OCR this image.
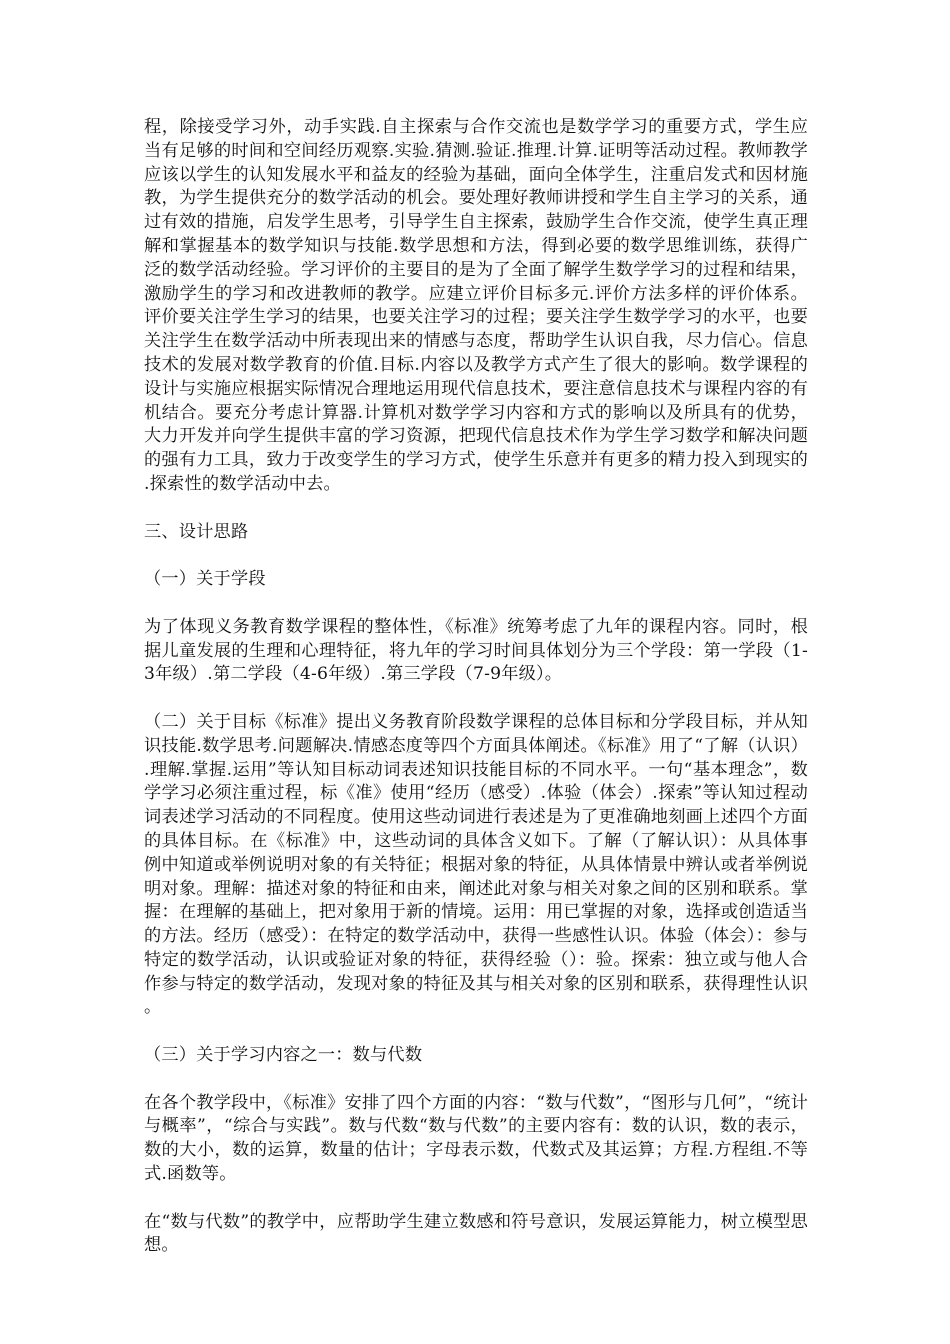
程，除接受学习外，动手实践.自主探索与合作交流也是数学学习的重要方式，学生应当有足够的时间和空间经历观察.实验.猜测.验证.推理.计算.证明等活动过程。教师教学应该以学生的认知发展水平和益友的经验为基础，面向全体学生，注重启发式和因材施教，为学生提供充分的数学活动的机会。要处理好教师讲授和学生自主学习的关系，通过有效的措施，启发学生思考，引导学生自主探索，鼓励学生合作交流，使学生真正理解和掌握基本的数学知识与技能.数学思想和方法，得到必要的数学思维训练，获得广泛的数学活动经验。学习评价的主要目的是为了全面了解学生数学学习的过程和结果，激励学生的学习和改进教师的教学。应建立评价目标多元.评价方法多样的评价体系。评价要关注学生学习的结果，也要关注学习的过程；要关注学生数学学习的水平，也要关注学生在数学活动中所表现出来的情感与态度，帮助学生认识自我，尽力信心。信息技术的发展对数学教育的价值.目标.内容以及教学方式产生了很大的影响。数学课程的设计与实施应根据实际情况合理地运用现代信息技术，要注意信息技术与课程内容的有机结合。要充分考虑计算器.计算机对数学学习内容和方式的影响以及所具有的优势，大力开发并向学生提供丰富的学习资源，把现代信息技术作为学生学习数学和解决问题的强有力工具，致力于改变学生的学习方式，使学生乐意并有更多的精力投入到现实的.探索性的数学活动中去。

三、设计思路
（一）关于学段

为了体现义务教育数学课程的整体性，《标准》统筹考虑了九年的课程内容。同时，根据儿童发展的生理和心理特征，将九年的学习时间具体划分为三个学段：第一学段（1-3年级）.第二学段（4-6年级）.第三学段（7-9年级）。

（二）关于目标《标准》提出义务教育阶段数学课程的总体目标和分学段目标，并从知识技能.数学思考.问题解决.情感态度等四个方面具体阐述。《标准》用了“了解（认识）.理解.掌握.运用”等认知目标动词表述知识技能目标的不同水平。一句“基本理念”，数学学习必须注重过程，标《准》使用“经历（感受）.体验（体会）.探索”等认知过程动词表述学习活动的不同程度。使用这些动词进行表述是为了更准确地刻画上述四个方面的具体目标。在《标准》中，这些动词的具体含义如下。了解（了解认识）：从具体事例中知道或举例说明对象的有关特征；根据对象的特征，从具体情景中辨认或者举例说明对象。理解：描述对象的特征和由来，阐述此对象与相关对象之间的区别和联系。掌握：在理解的基础上，把对象用于新的情境。运用：用已掌握的对象，选择或创造适当的方法。经历（感受）：在特定的数学活动中，获得一些感性认识。体验（体会）：参与特定的数学活动，认识或验证对象的特征，获得经验（）：验。探索：独立或与他人合作参与特定的数学活动，发现对象的特征及其与相关对象的区别和联系，获得理性认识。

（三）关于学习内容之一：数与代数

在各个教学段中，《标准》安排了四个方面的内容：“数与代数”，“图形与几何”，“统计与概率”，“综合与实践”。数与代数“数与代数”的主要内容有：数的认识，数的表示，数的大小，数的运算，数量的估计；字母表示数，代数式及其运算；方程.方程组.不等式.函数等。

在“数与代数”的教学中，应帮助学生建立数感和符号意识，发展运算能力，树立模型思想。
